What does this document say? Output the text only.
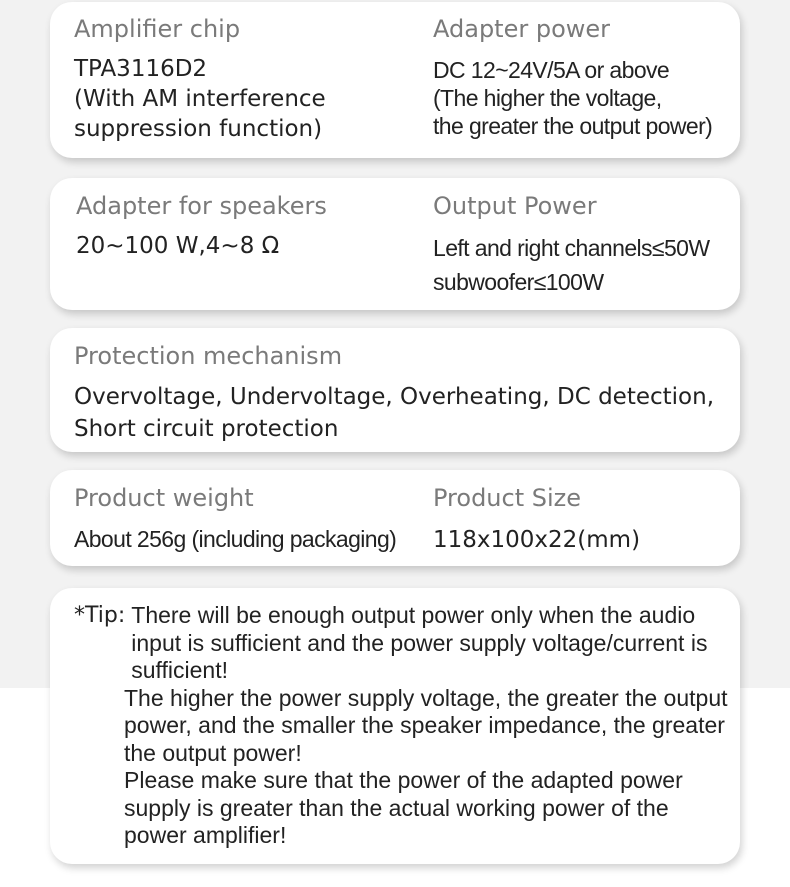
Amplifier chip
TPA3116D2
(With AM interference
suppression function)
Adapter power
DC 12~24V/5A or above
(The higher the voltage,
the greater the output power)
Adapter for speakers
20~100 W,4~8 Ω
Output Power
Left and right channels≤50W
subwoofer≤100W
Protection mechanism
Overvoltage, Undervoltage, Overheating, DC detection,
Short circuit protection
Product weight
About 256g (including packaging)
Product Size
118x100x22(mm)
*Tip: There will be enough output power only when the audio input is sufficient and the power supply voltage/current is sufficient!

The higher the power supply voltage, the greater the output power, and the smaller the speaker impedance, the greater the output power!

Please make sure that the power of the adapted power supply is greater than the actual working power of the power amplifier!
